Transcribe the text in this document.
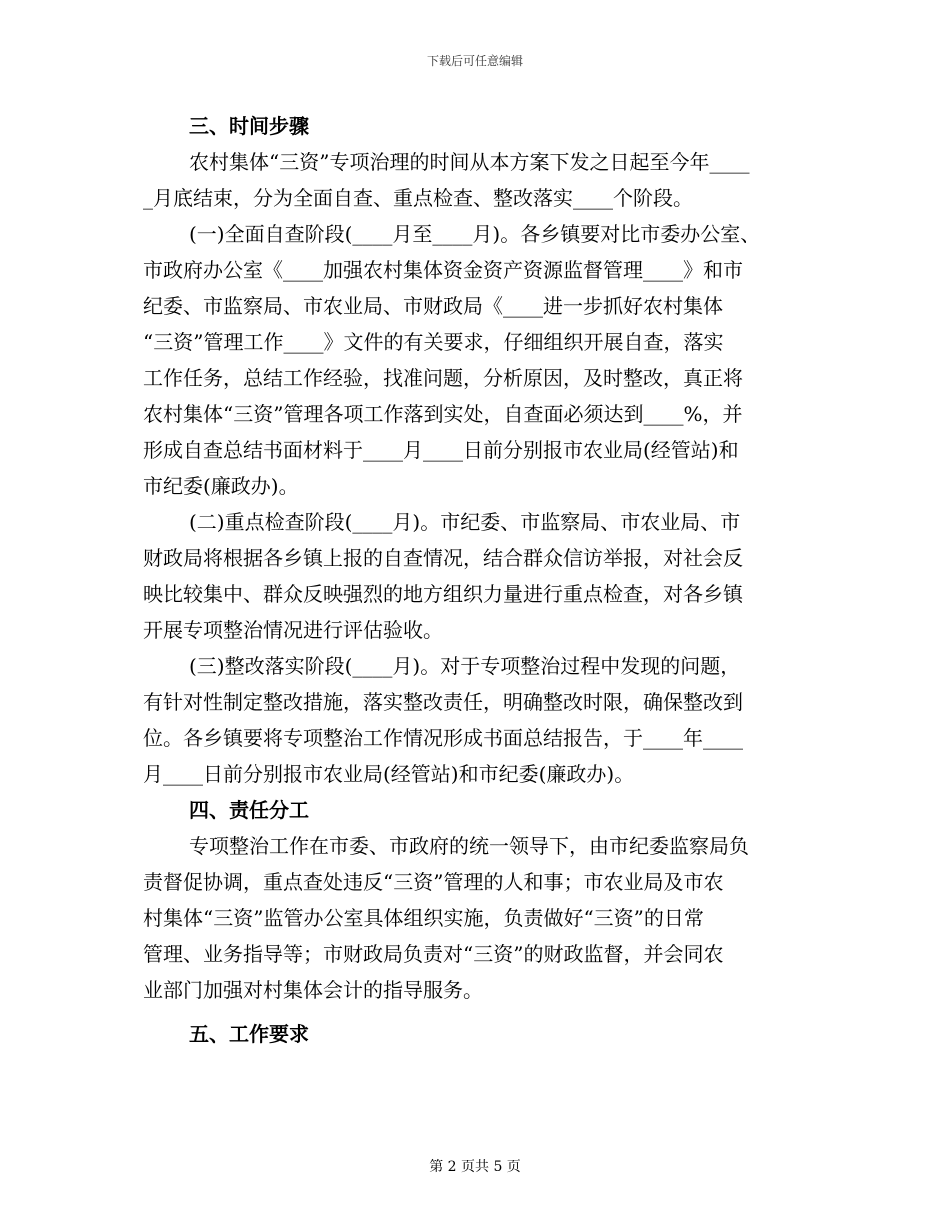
下载后可任意编辑
三、时间步骤
农村集体“三资”专项治理的时间从本方案下发之日起至今年____
_月底结束，分为全面自查、重点检查、整改落实____个阶段。
(一)全面自查阶段(____月至____月)。各乡镇要对比市委办公室、
市政府办公室《____加强农村集体资金资产资源监督管理____》和市
纪委、市监察局、市农业局、市财政局《____进一步抓好农村集体
“三资”管理工作____》文件的有关要求，仔细组织开展自查，落实
工作任务，总结工作经验，找准问题，分析原因，及时整改，真正将
农村集体“三资”管理各项工作落到实处，自查面必须达到____%，并
形成自查总结书面材料于____月____日前分别报市农业局(经管站)和
市纪委(廉政办)。
(二)重点检查阶段(____月)。市纪委、市监察局、市农业局、市
财政局将根据各乡镇上报的自查情况，结合群众信访举报，对社会反
映比较集中、群众反映强烈的地方组织力量进行重点检查，对各乡镇
开展专项整治情况进行评估验收。
(三)整改落实阶段(____月)。对于专项整治过程中发现的问题，
有针对性制定整改措施，落实整改责任，明确整改时限，确保整改到
位。各乡镇要将专项整治工作情况形成书面总结报告，于____年____
月____日前分别报市农业局(经管站)和市纪委(廉政办)。
四、责任分工
专项整治工作在市委、市政府的统一领导下，由市纪委监察局负
责督促协调，重点查处违反“三资”管理的人和事；市农业局及市农
村集体“三资”监管办公室具体组织实施，负责做好“三资”的日常
管理、业务指导等；市财政局负责对“三资”的财政监督，并会同农
业部门加强对村集体会计的指导服务。
五、工作要求
第 2 页共 5 页
